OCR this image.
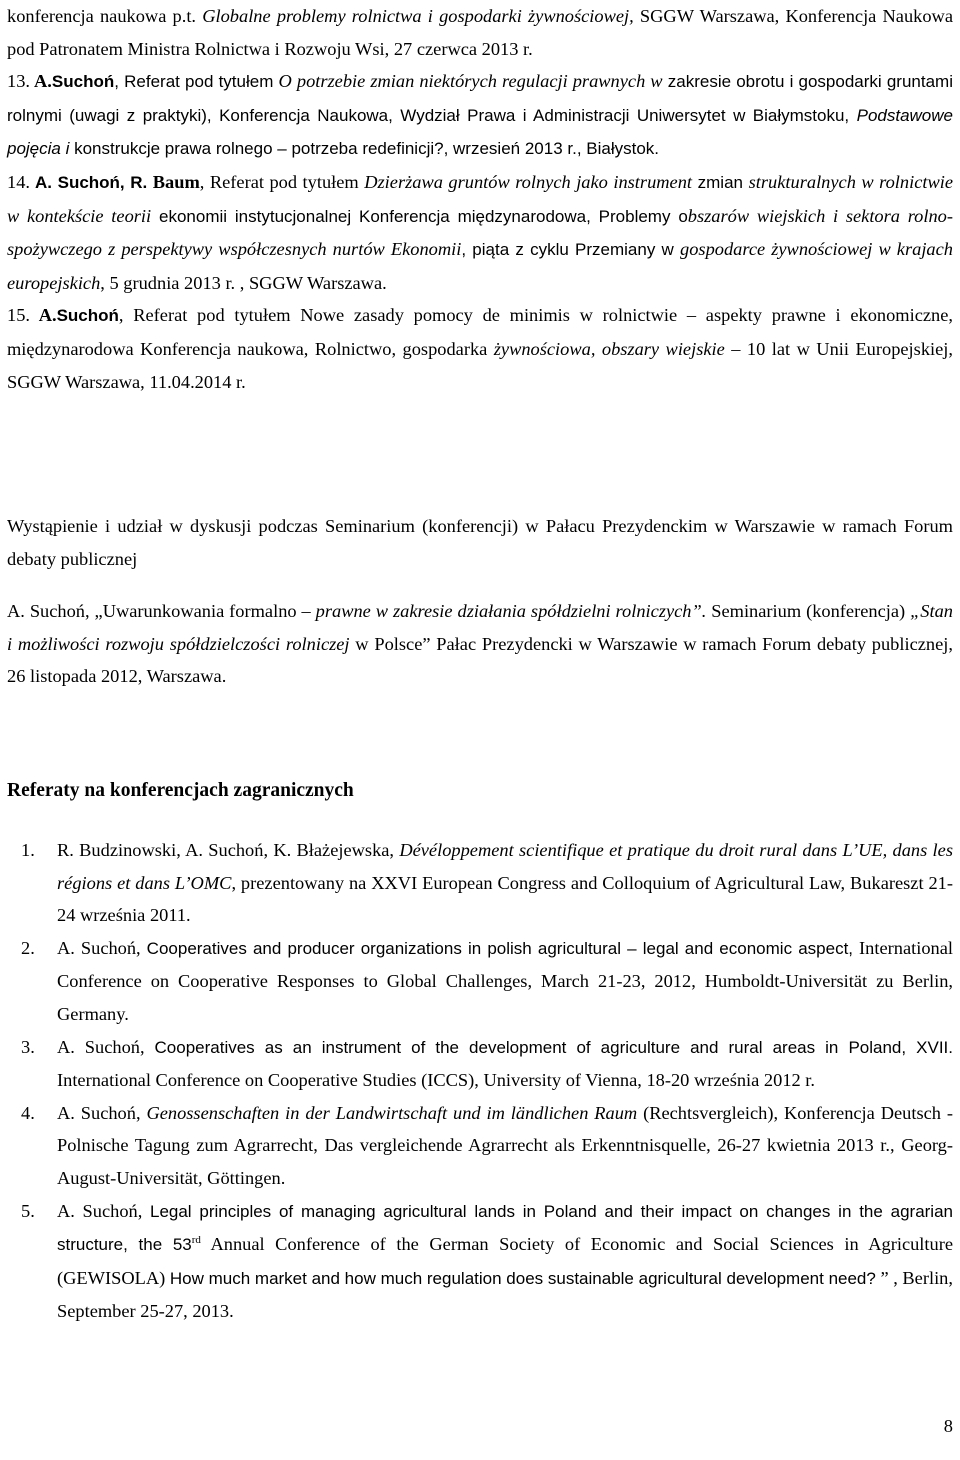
konferencja naukowa p.t. Globalne problemy rolnictwa i gospodarki żywnościowej, SGGW Warszawa, Konferencja Naukowa pod Patronatem Ministra Rolnictwa i Rozwoju Wsi, 27 czerwca 2013 r.

13. A.Suchoń, Referat pod tytułem O potrzebie zmian niektórych regulacji prawnych w zakresie obrotu i gospodarki gruntami rolnymi (uwagi z praktyki), Konferencja Naukowa, Wydział Prawa i Administracji Uniwersytet w Białymstoku, Podstawowe pojęcia i konstrukcje prawa rolnego – potrzeba redefinicji?, wrzesień 2013 r., Białystok.

14. A. Suchoń, R. Baum, Referat pod tytułem Dzierżawa gruntów rolnych jako instrument zmian strukturalnych w rolnictwie w kontekście teorii ekonomii instytucjonalnej Konferencja międzynarodowa, Problemy obszarów wiejskich i sektora rolno-spożywczego z perspektywy współczesnych nurtów Ekonomii, piąta z cyklu Przemiany w gospodarce żywnościowej w krajach europejskich, 5 grudnia 2013 r. , SGGW Warszawa.

15. A.Suchoń, Referat pod tytułem Nowe zasady pomocy de minimis w rolnictwie – aspekty prawne i ekonomiczne, międzynarodowa Konferencja naukowa, Rolnictwo, gospodarka żywnościowa, obszary wiejskie – 10 lat w Unii Europejskiej, SGGW Warszawa, 11.04.2014 r.

Wystąpienie i udział w dyskusji podczas Seminarium (konferencji) w Pałacu Prezydenckim w Warszawie w ramach Forum debaty publicznej

A. Suchoń, „Uwarunkowania formalno – prawne w zakresie działania spółdzielni rolniczych”. Seminarium (konferencja) „Stan i możliwości rozwoju spółdzielczości rolniczej w Polsce” Pałac Prezydencki w Warszawie w ramach Forum debaty publicznej, 26 listopada 2012, Warszawa.

Referaty na konferencjach zagranicznych

1. R. Budzinowski, A. Suchoń, K. Błażejewska, Dévéloppement scientifique et pratique du droit rural dans L’UE, dans les régions et dans L’OMC, prezentowany na XXVI European Congress and Colloquium of Agricultural Law, Bukareszt 21-24 września 2011.
2. A. Suchoń, Cooperatives and producer organizations in polish agricultural – legal and economic aspect, International Conference on Cooperative Responses to Global Challenges, March 21-23, 2012, Humboldt-Universität zu Berlin, Germany.
3. A. Suchoń, Cooperatives as an instrument of the development of agriculture and rural areas in Poland, XVII. International Conference on Cooperative Studies (ICCS), University of Vienna, 18-20 września 2012 r.
4. A. Suchoń, Genossenschaften in der Landwirtschaft und im ländlichen Raum (Rechtsvergleich), Konferencja Deutsch - Polnische Tagung zum Agrarrecht, Das vergleichende Agrarrecht als Erkenntnisquelle, 26-27 kwietnia 2013 r., Georg- August-Universität, Göttingen.
5. A. Suchoń, Legal principles of managing agricultural lands in Poland and their impact on changes in the agrarian structure, the 53rd Annual Conference of the German Society of Economic and Social Sciences in Agriculture (GEWISOLA) How much market and how much regulation does sustainable agricultural development need? ” , Berlin, September 25-27, 2013.
8
